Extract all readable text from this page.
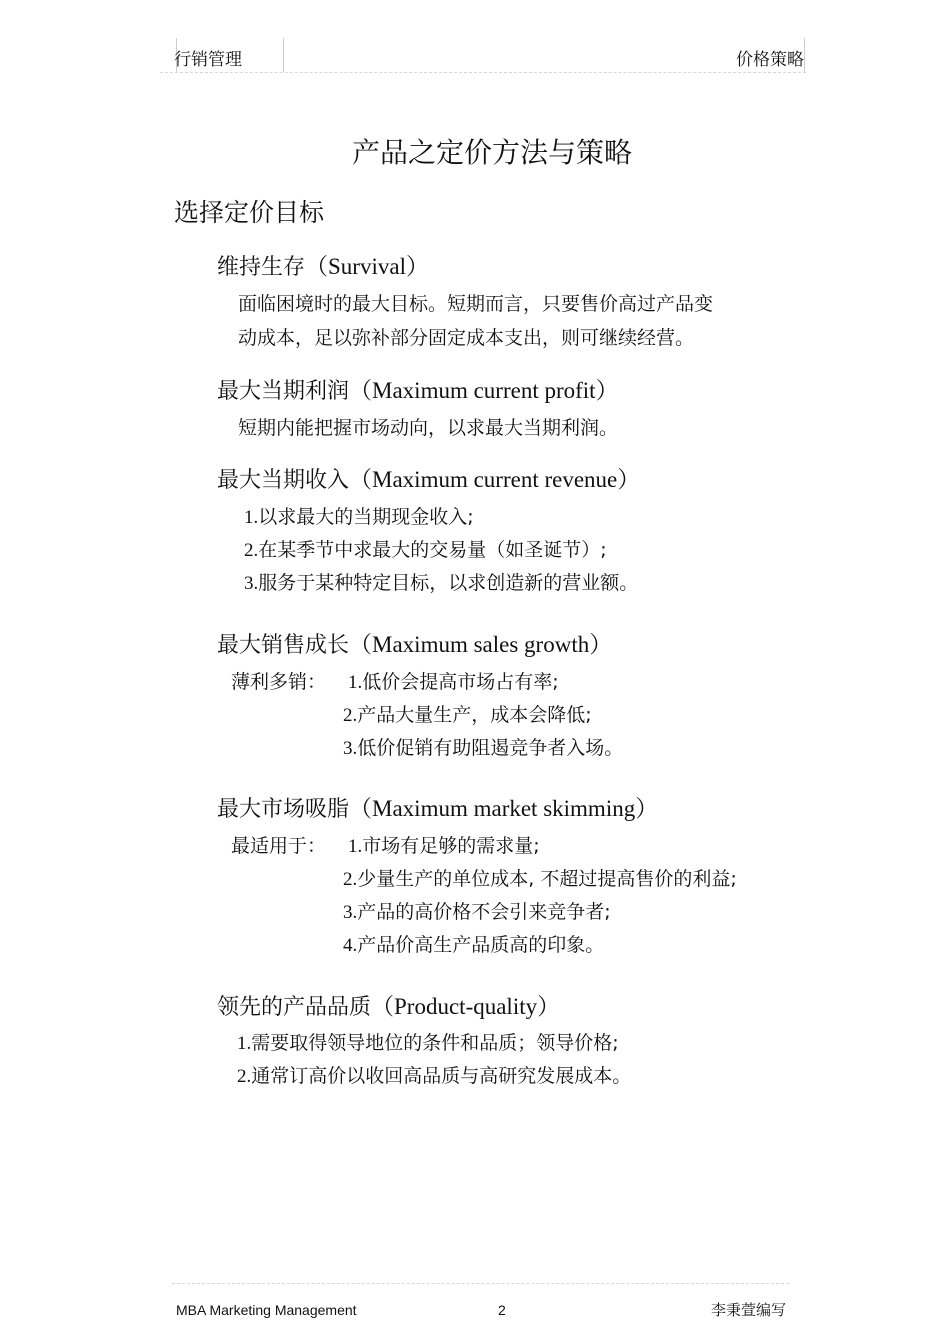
行销管理	价格策略
产品之定价方法与策略
选择定价目标
维持生存（Survival）
面临困境时的最大目标。短期而言，只要售价高过产品变
动成本，足以弥补部分固定成本支出，则可继续经营。
最大当期利润（Maximum current profit）
短期内能把握市场动向，以求最大当期利润。
最大当期收入（Maximum current revenue）
1.以求最大的当期现金收入;
2.在某季节中求最大的交易量（如圣诞节）;
3.服务于某种特定目标，以求创造新的营业额。
最大销售成长（Maximum sales growth）
薄利多销： 1.低价会提高市场占有率;
2.产品大量生产，成本会降低;
3.低价促销有助阻遏竞争者入场。
最大市场吸脂（Maximum market skimming）
最适用于： 1.市场有足够的需求量;
2.少量生产的单位成本, 不超过提高售价的利益;
3.产品的高价格不会引来竞争者;
4.产品价高生产品质高的印象。
领先的产品品质（Product-quality）
1.需要取得领导地位的条件和品质；领导价格;
2.通常订高价以收回高品质与高研究发展成本。
MBA Marketing Management	2	李秉萱编写
